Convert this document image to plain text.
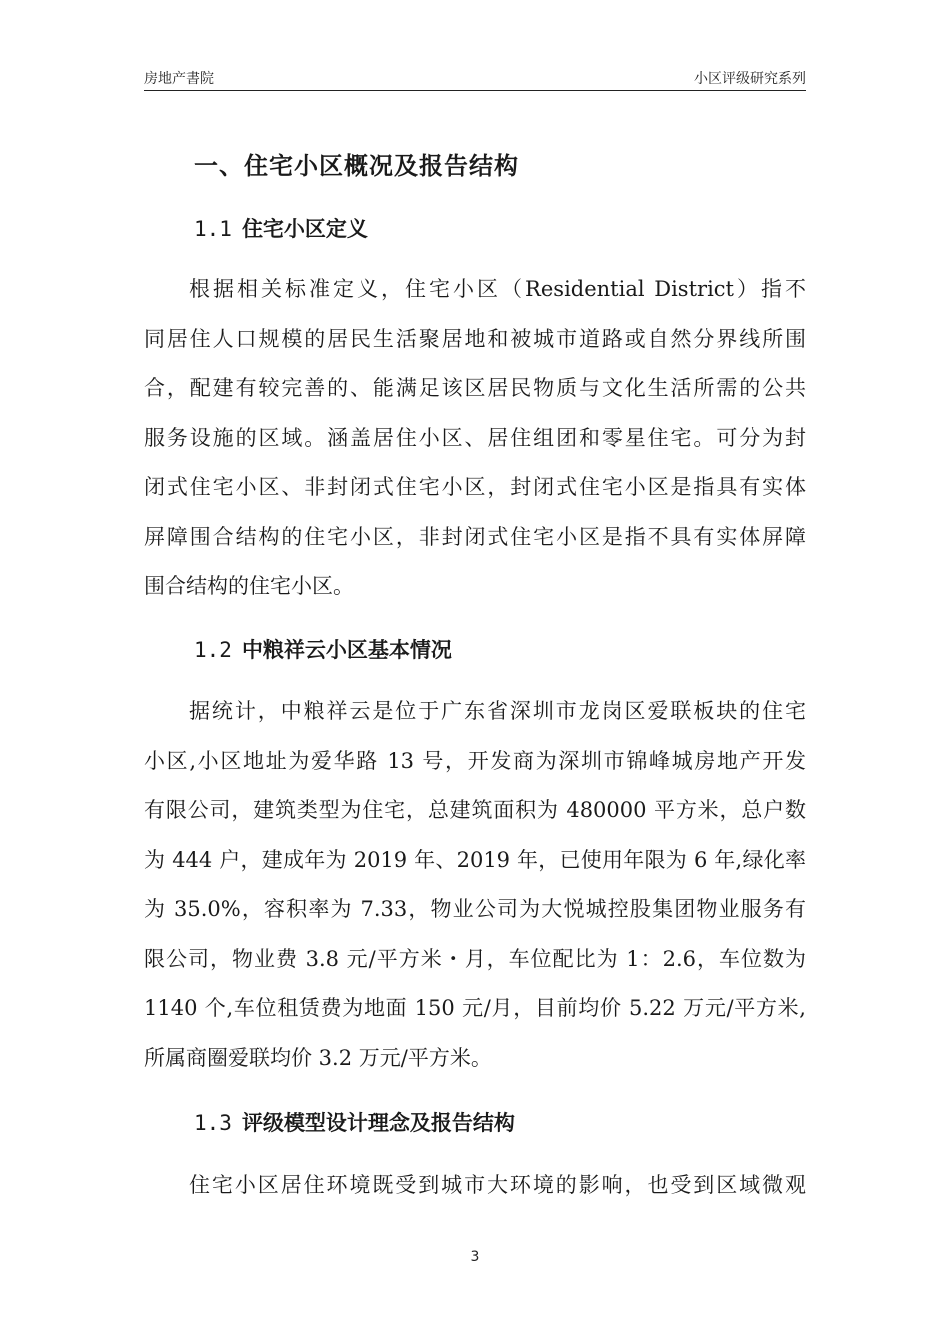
房地产書院	小区评级研究系列
一、住宅小区概况及报告结构
1.1 住宅小区定义
根据相关标准定义，住宅小区（Residential District）指不
同居住人口规模的居民生活聚居地和被城市道路或自然分界线所围
合，配建有较完善的、能满足该区居民物质与文化生活所需的公共
服务设施的区域。涵盖居住小区、居住组团和零星住宅。可分为封
闭式住宅小区、非封闭式住宅小区，封闭式住宅小区是指具有实体
屏障围合结构的住宅小区，非封闭式住宅小区是指不具有实体屏障
围合结构的住宅小区。
1.2 中粮祥云小区基本情况
据统计，中粮祥云是位于广东省深圳市龙岗区爱联板块的住宅
小区,小区地址为爱华路 13 号，开发商为深圳市锦峰城房地产开发
有限公司，建筑类型为住宅，总建筑面积为 480000 平方米，总户数
为 444 户，建成年为 2019 年、2019 年，已使用年限为 6 年,绿化率
为 35.0%，容积率为 7.33，物业公司为大悦城控股集团物业服务有
限公司，物业费 3.8 元/平方米・月，车位配比为 1：2.6，车位数为
1140 个,车位租赁费为地面 150 元/月，目前均价 5.22 万元/平方米,
所属商圈爱联均价 3.2 万元/平方米。
1.3 评级模型设计理念及报告结构
住宅小区居住环境既受到城市大环境的影响，也受到区域微观
3
